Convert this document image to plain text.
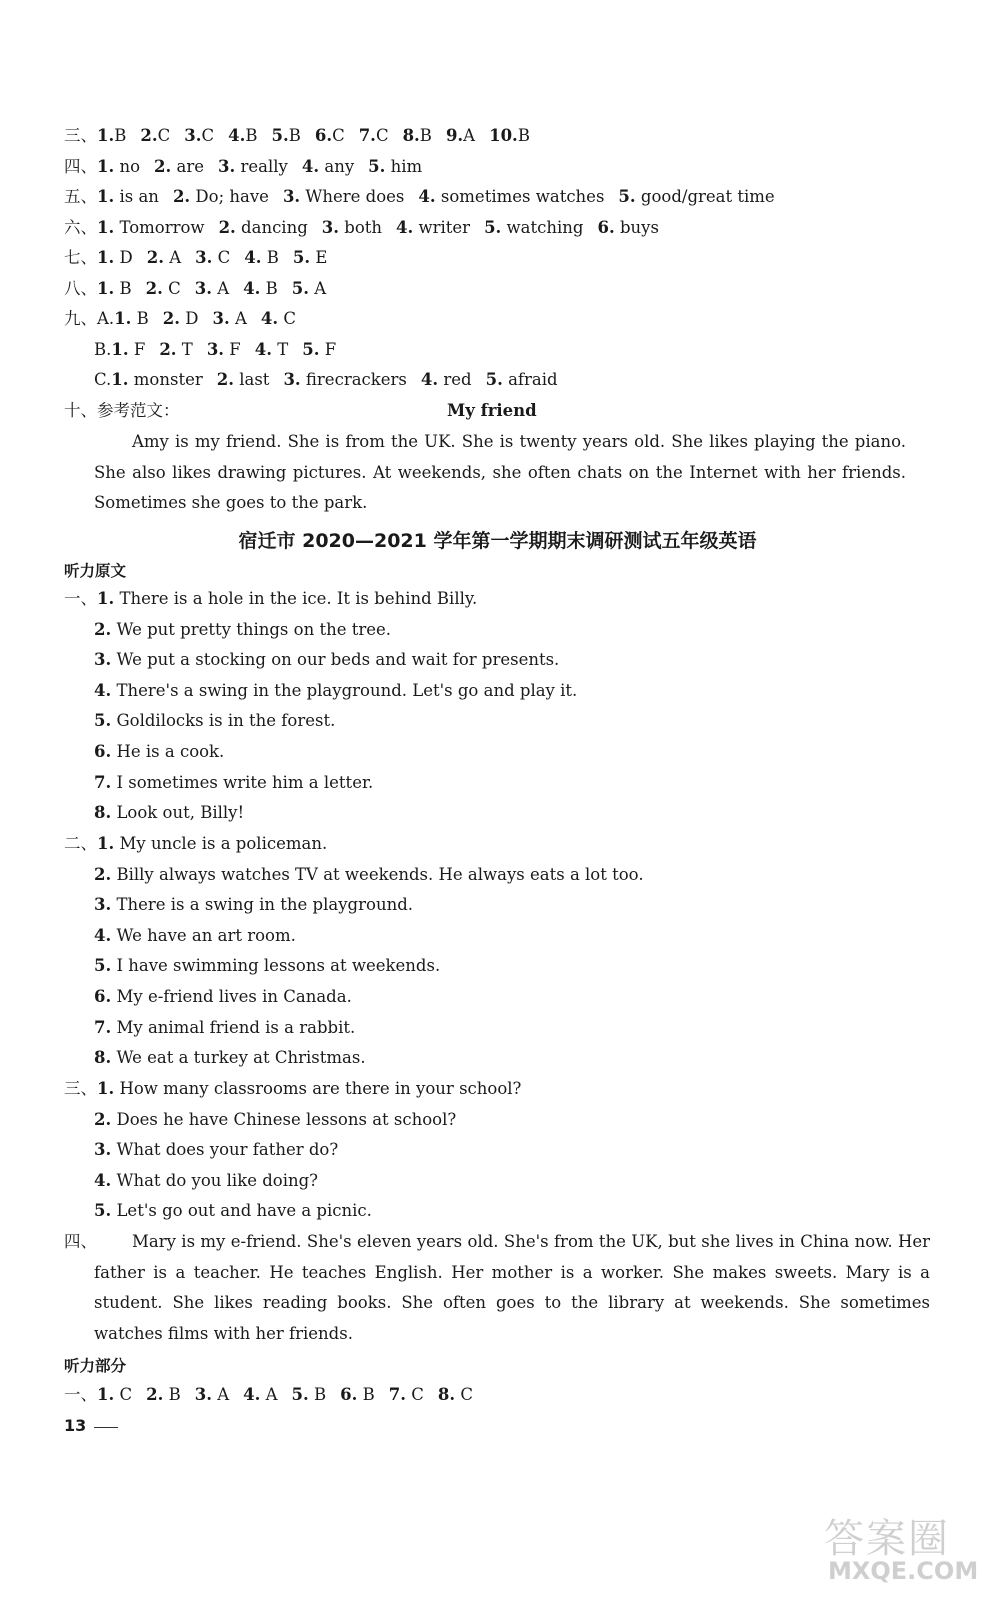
三、1.B 2.C 3.C 4.B 5.B 6.C 7.C 8.B 9.A 10.B
四、1. no 2. are 3. really 4. any 5. him
五、1. is an 2. Do; have 3. Where does 4. sometimes watches 5. good/great time
六、1. Tomorrow 2. dancing 3. both 4. writer 5. watching 6. buys
七、1. D 2. A 3. C 4. B 5. E
八、1. B 2. C 3. A 4. B 5. A
九、A.1. B 2. D 3. A 4. C
B.1. F 2. T 3. F 4. T 5. F
C.1. monster 2. last 3. firecrackers 4. red 5. afraid
十、参考范文：	My friend
Amy is my friend. She is from the UK. She is twenty years old. She likes playing the piano. She also likes drawing pictures. At weekends, she often chats on the Internet with her friends. Sometimes she goes to the park.
宿迁市 2020—2021 学年第一学期期末调研测试五年级英语
听力原文
一、1. There is a hole in the ice. It is behind Billy.
2. We put pretty things on the tree.
3. We put a stocking on our beds and wait for presents.
4. There's a swing in the playground. Let's go and play it.
5. Goldilocks is in the forest.
6. He is a cook.
7. I sometimes write him a letter.
8. Look out, Billy!
二、1. My uncle is a policeman.
2. Billy always watches TV at weekends. He always eats a lot too.
3. There is a swing in the playground.
4. We have an art room.
5. I have swimming lessons at weekends.
6. My e-friend lives in Canada.
7. My animal friend is a rabbit.
8. We eat a turkey at Christmas.
三、1. How many classrooms are there in your school?
2. Does he have Chinese lessons at school?
3. What does your father do?
4. What do you like doing?
5. Let's go out and have a picnic.
四、	Mary is my e-friend. She's eleven years old. She's from the UK, but she lives in China now. Her father is a teacher. He teaches English. Her mother is a worker. She makes sweets. Mary is a student. She likes reading books. She often goes to the library at weekends. She sometimes watches films with her friends.
听力部分
一、1. C 2. B 3. A 4. A 5. B 6. B 7. C 8. C
13
答案圈
MXQE.COM
